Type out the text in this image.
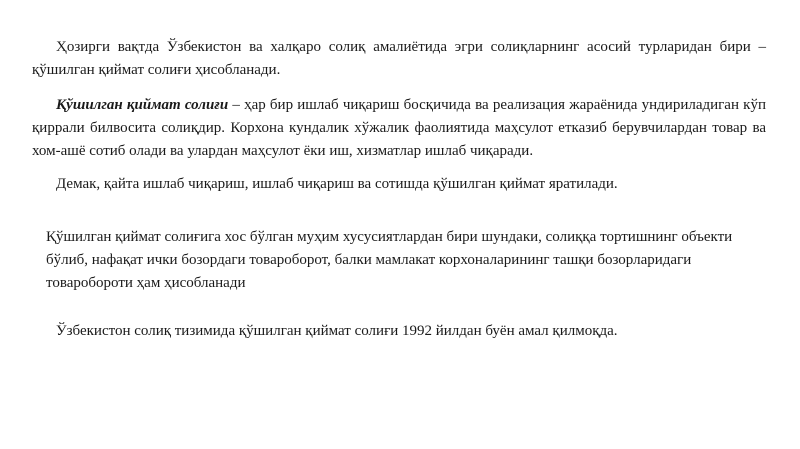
Ҳозирги вақтда Ўзбекистон ва халқаро солиқ амалиётида эгри солиқларнинг асосий турларидан бири – қўшилган қиймат солиғи ҳисобланади.

Қўшилган қиймат солиғи – ҳар бир ишлаб чиқариш босқичида ва реализация жараёнида ундириладиган кўп қиррали билвосита солиқдир. Корхона кундалик хўжалик фаолиятида маҳсулот етказиб берувчилардан товар ва хом-ашё сотиб олади ва улардан маҳсулот ёки иш, хизматлар ишлаб чиқаради.

Демак, қайта ишлаб чиқариш, ишлаб чиқариш ва сотишда қўшилган қиймат яратилади.

Қўшилган қиймат солиғига хос бўлган муҳим хусусиятлардан бири шундаки, солиққа тортишнинг объекти бўлиб, нафақат ички бозордаги товароборот, балки мамлакат корхоналарининг ташқи бозорларидаги товаробороти ҳам ҳисобланади

Ўзбекистон солиқ тизимида қўшилган қиймат солиғи 1992 йилдан буён амал қилмоқда.
